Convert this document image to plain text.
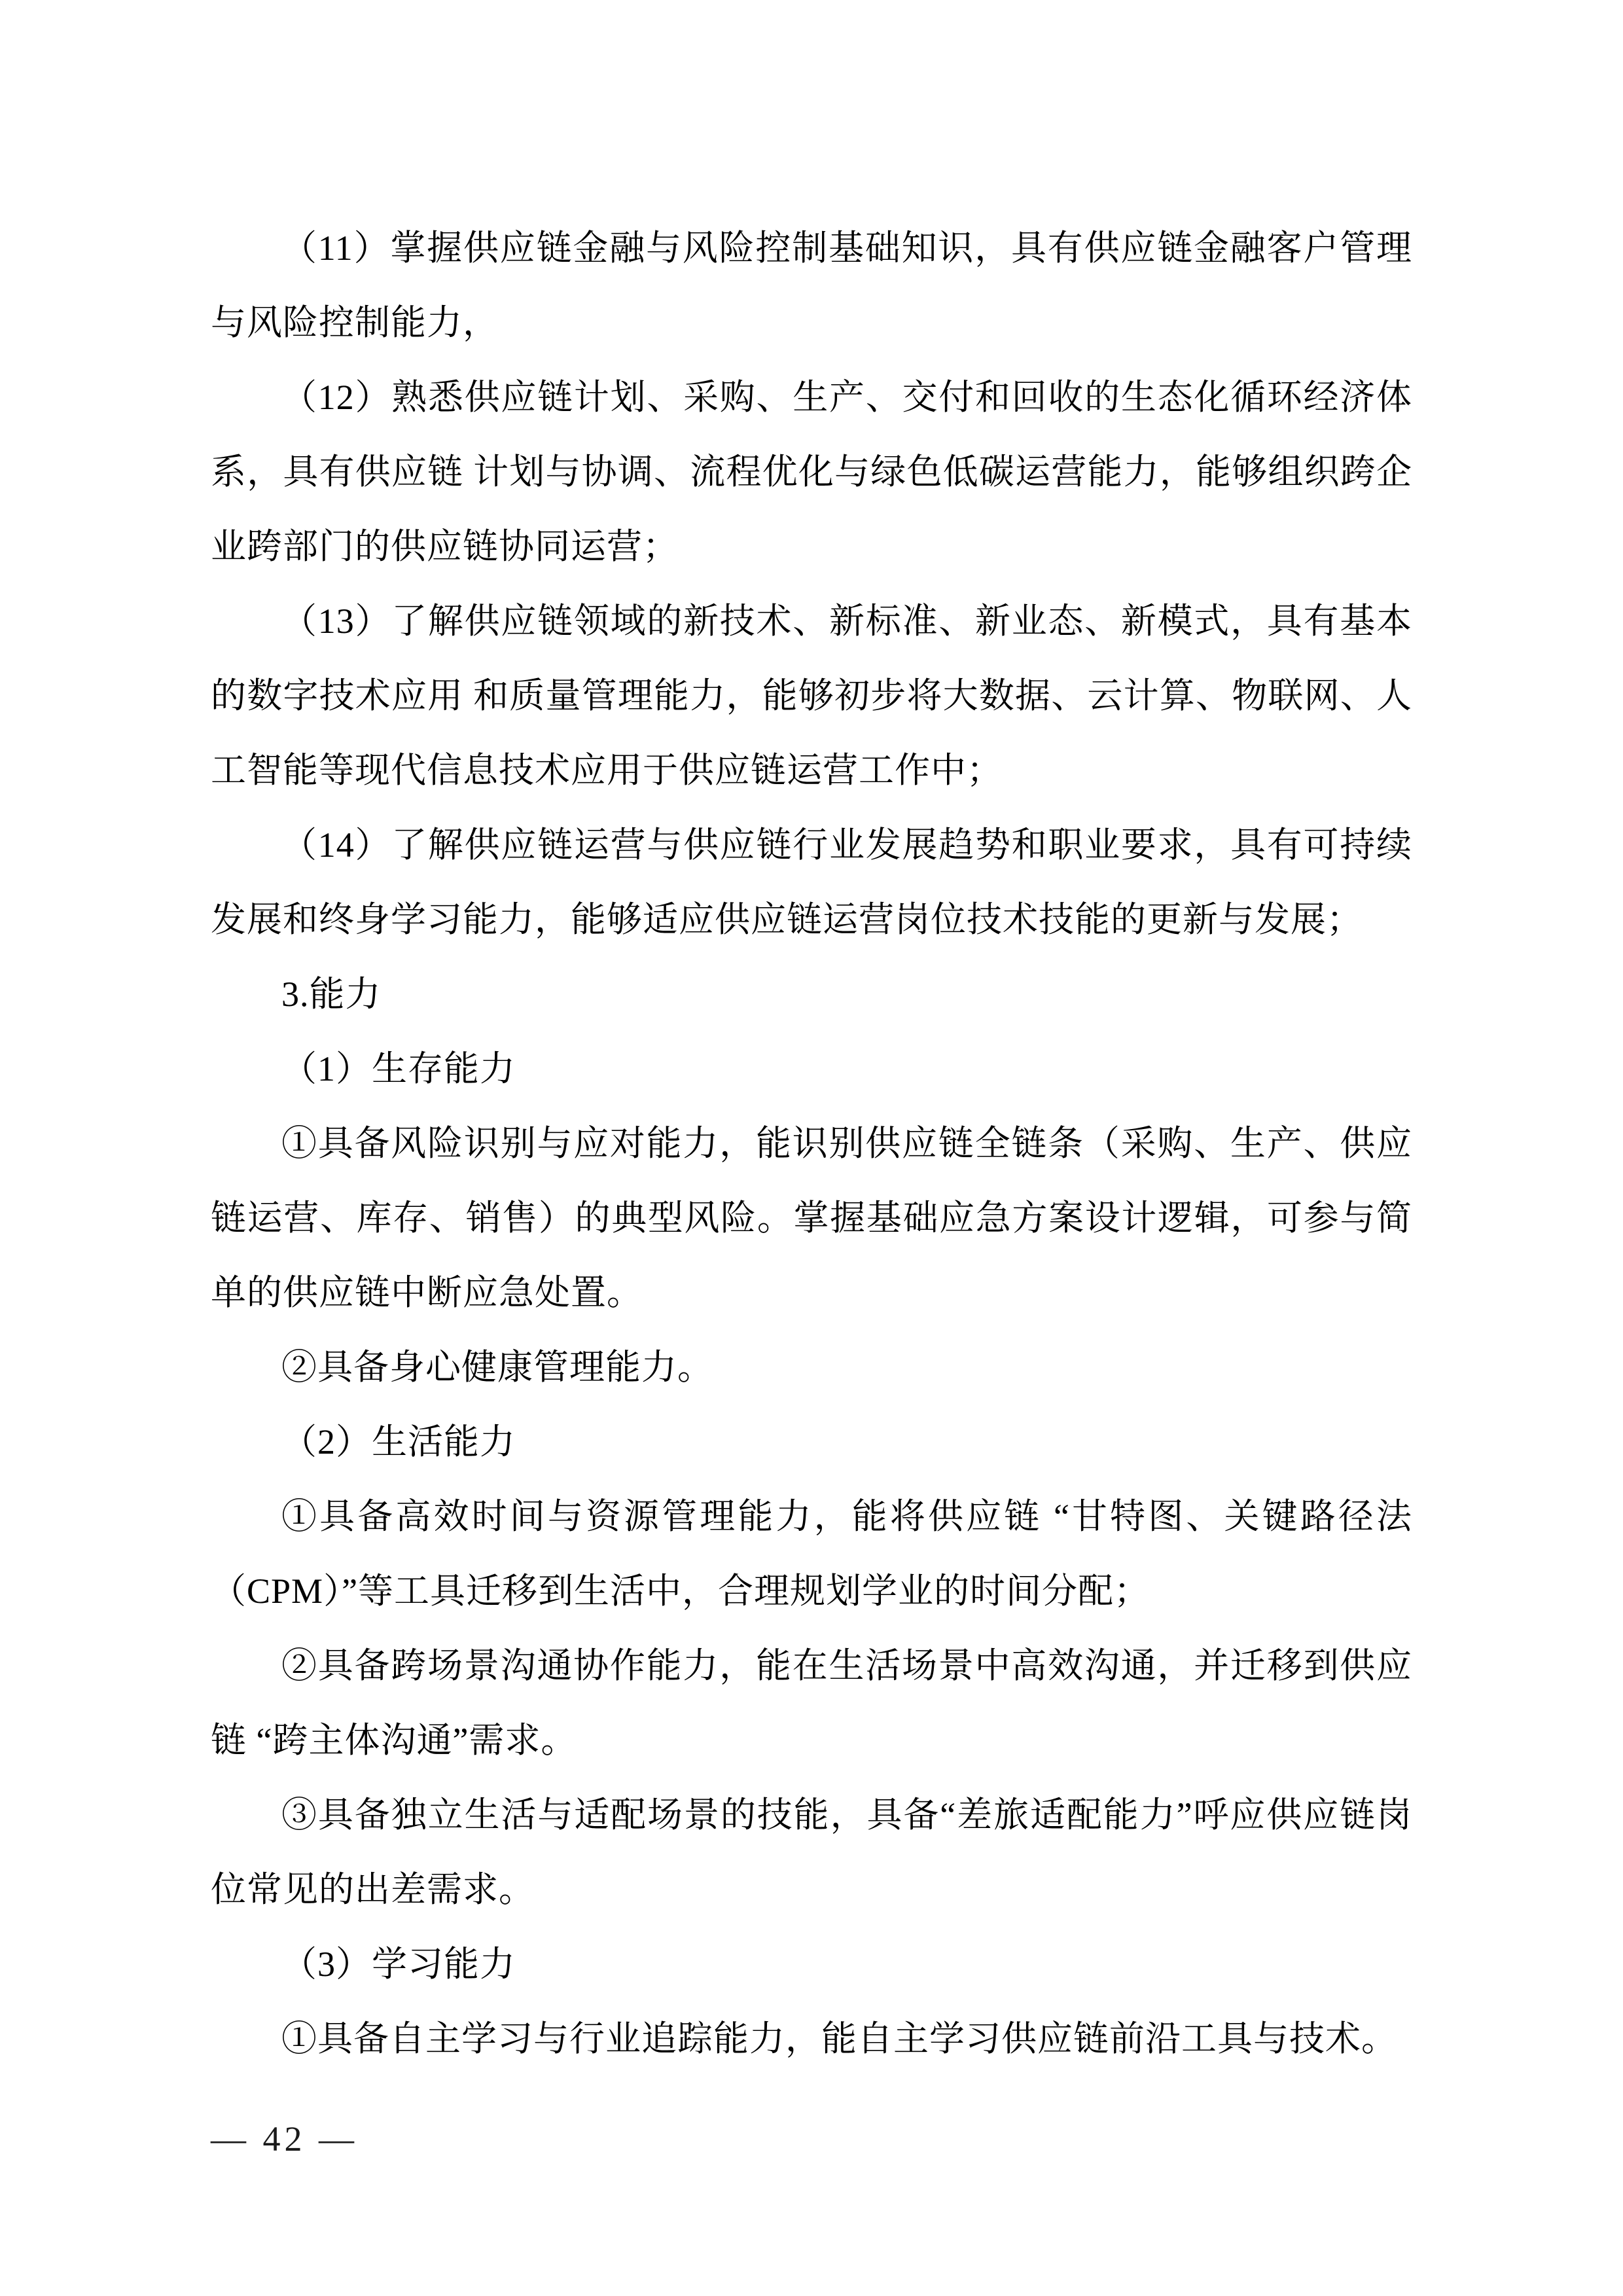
（11）掌握供应链金融与风险控制基础知识，具有供应链金融客户管理与风险控制能力，

（12）熟悉供应链计划、采购、生产、交付和回收的生态化循环经济体系，具有供应链 计划与协调、流程优化与绿色低碳运营能力，能够组织跨企业跨部门的供应链协同运营；

（13）了解供应链领域的新技术、新标准、新业态、新模式，具有基本的数字技术应用 和质量管理能力，能够初步将大数据、云计算、物联网、人工智能等现代信息技术应用于供应链运营工作中；

（14）了解供应链运营与供应链行业发展趋势和职业要求，具有可持续发展和终身学习能力，能够适应供应链运营岗位技术技能的更新与发展；

3.能力

（1）生存能力

①具备风险识别与应对能力，能识别供应链全链条（采购、生产、供应链运营、库存、销售）的典型风险。掌握基础应急方案设计逻辑，可参与简单的供应链中断应急处置。

②具备身心健康管理能力。

（2）生活能力

①具备高效时间与资源管理能力，能将供应链 “甘特图、关键路径法（CPM）”等工具迁移到生活中，合理规划学业的时间分配；

②具备跨场景沟通协作能力，能在生活场景中高效沟通，并迁移到供应链 “跨主体沟通”需求。

③具备独立生活与适配场景的技能，具备“差旅适配能力”呼应供应链岗位常见的出差需求。

（3）学习能力

①具备自主学习与行业追踪能力，能自主学习供应链前沿工具与技术。

— 42 —
